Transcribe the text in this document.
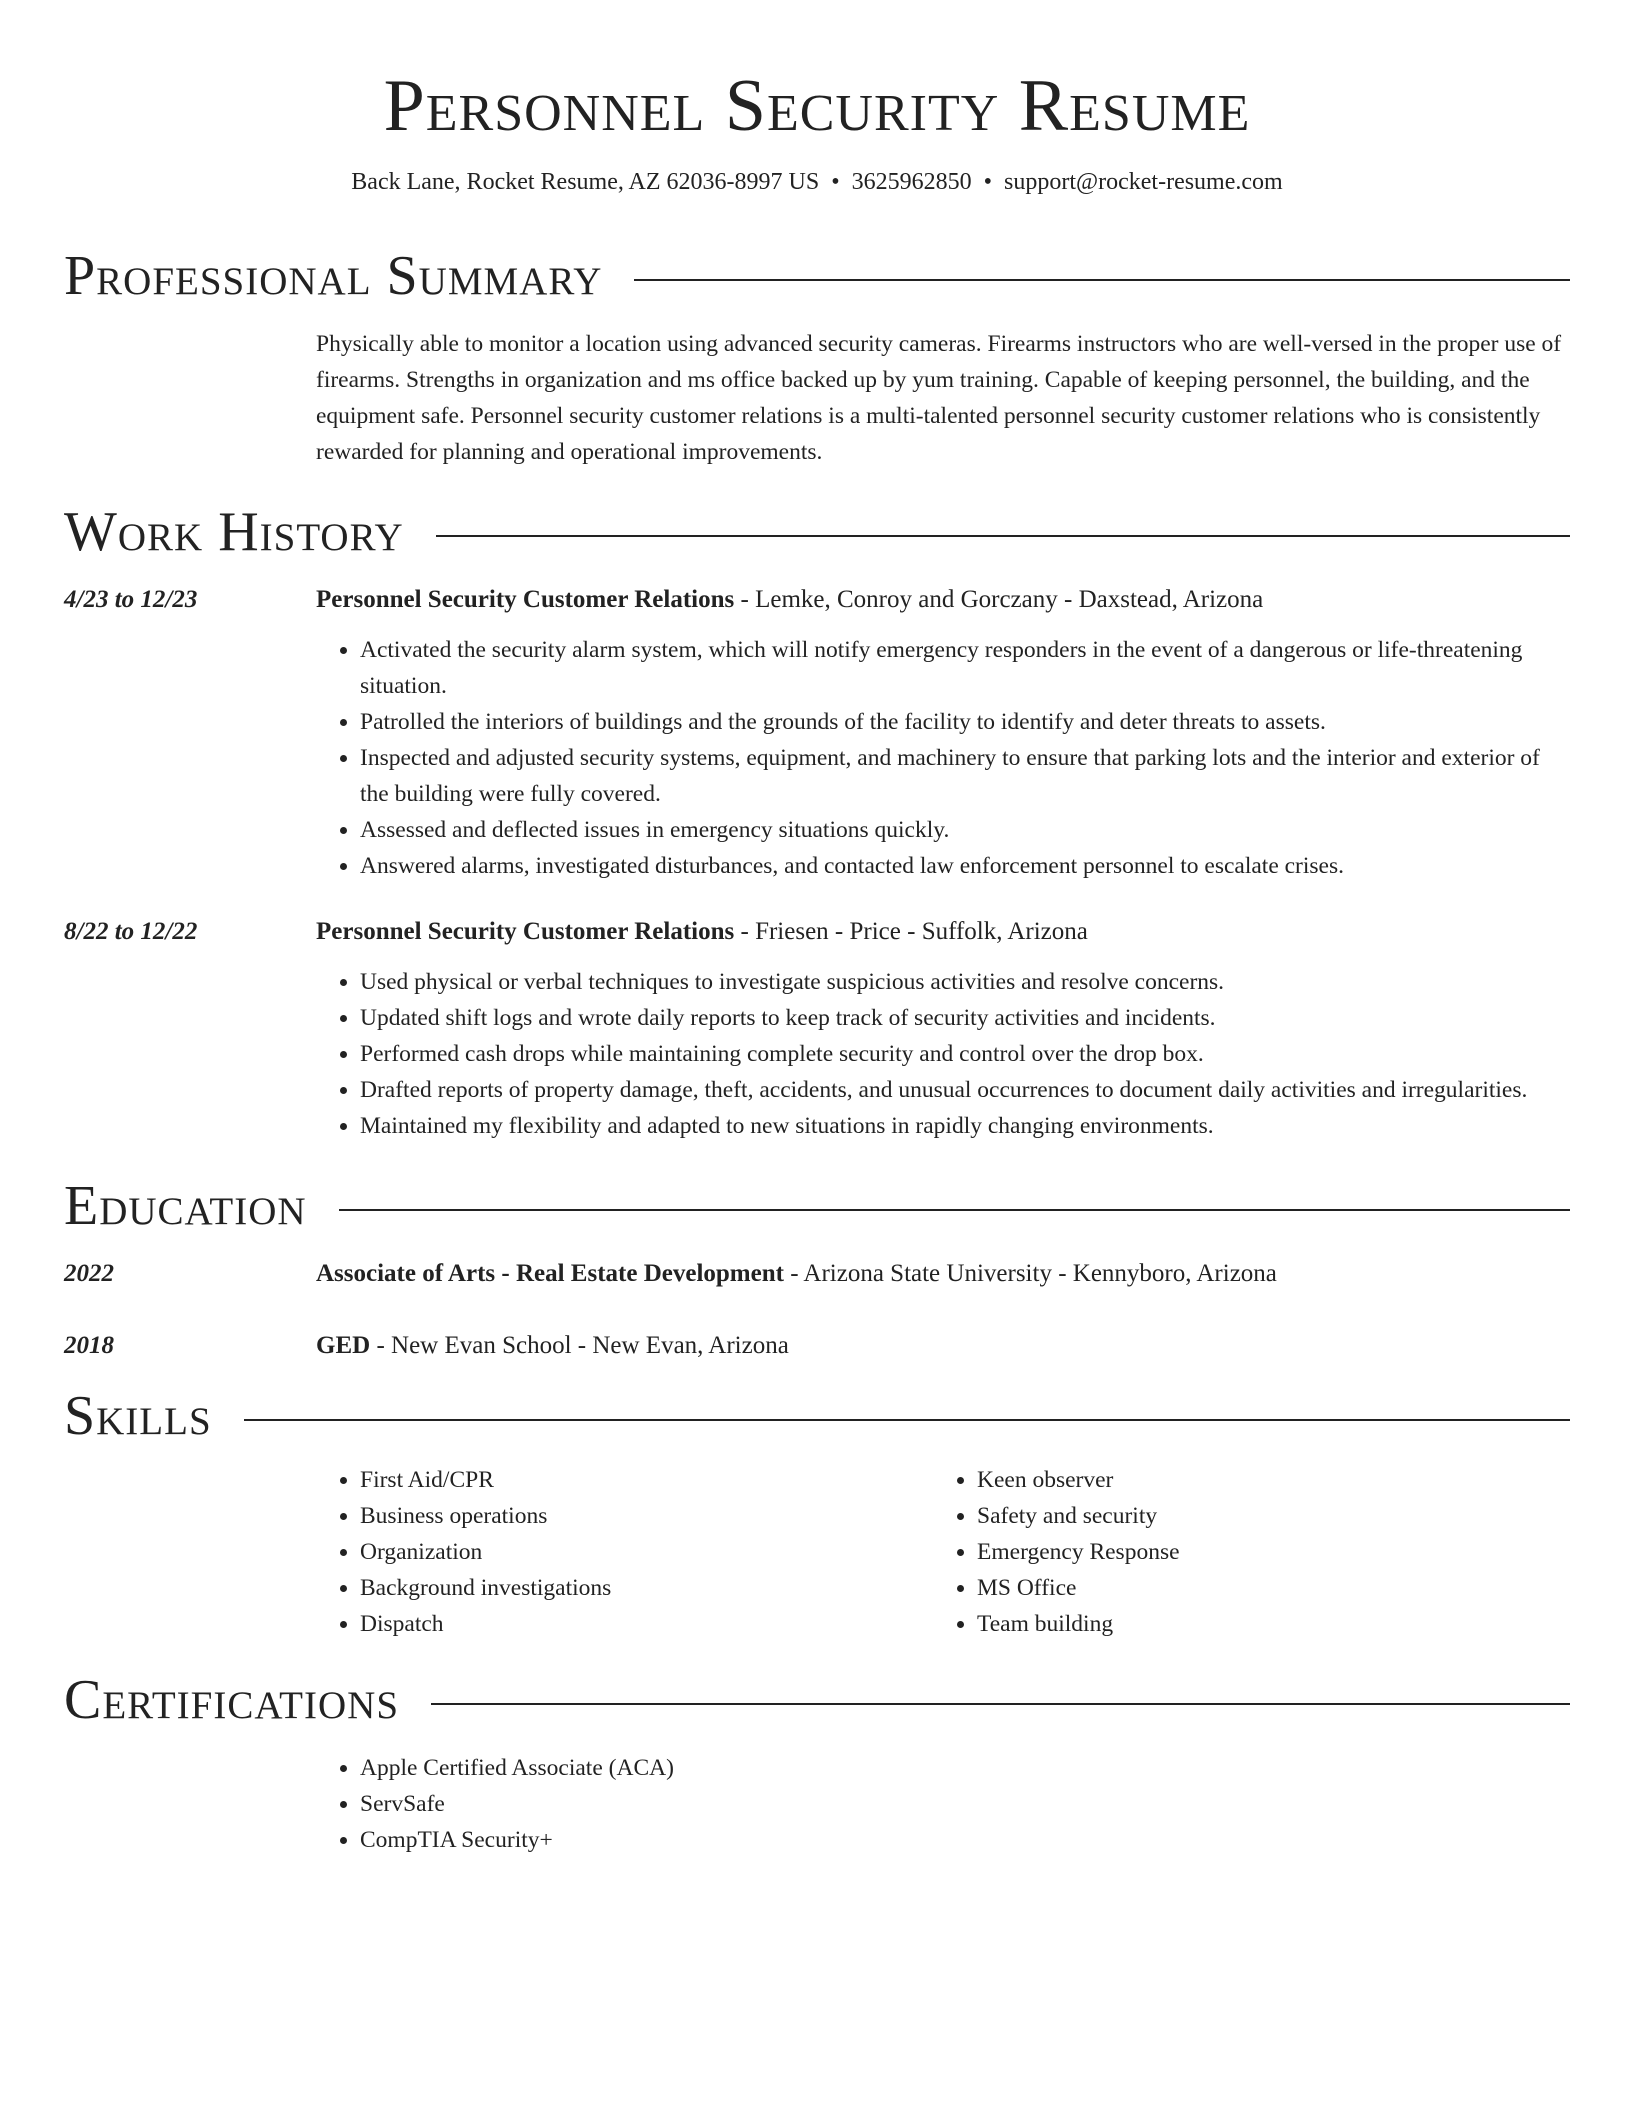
Personnel Security Resume
Back Lane, Rocket Resume, AZ 62036-8997 US • 3625962850 • support@rocket-resume.com
Professional Summary
Physically able to monitor a location using advanced security cameras. Firearms instructors who are well-versed in the proper use of firearms. Strengths in organization and ms office backed up by yum training. Capable of keeping personnel, the building, and the equipment safe. Personnel security customer relations is a multi-talented personnel security customer relations who is consistently rewarded for planning and operational improvements.
Work History
4/23 to 12/23	Personnel Security Customer Relations - Lemke, Conroy and Gorczany - Daxstead, Arizona
• Activated the security alarm system, which will notify emergency responders in the event of a dangerous or life-threatening situation.
• Patrolled the interiors of buildings and the grounds of the facility to identify and deter threats to assets.
• Inspected and adjusted security systems, equipment, and machinery to ensure that parking lots and the interior and exterior of the building were fully covered.
• Assessed and deflected issues in emergency situations quickly.
• Answered alarms, investigated disturbances, and contacted law enforcement personnel to escalate crises.
8/22 to 12/22	Personnel Security Customer Relations - Friesen - Price - Suffolk, Arizona
• Used physical or verbal techniques to investigate suspicious activities and resolve concerns.
• Updated shift logs and wrote daily reports to keep track of security activities and incidents.
• Performed cash drops while maintaining complete security and control over the drop box.
• Drafted reports of property damage, theft, accidents, and unusual occurrences to document daily activities and irregularities.
• Maintained my flexibility and adapted to new situations in rapidly changing environments.
Education
2022	Associate of Arts - Real Estate Development - Arizona State University - Kennyboro, Arizona
2018	GED - New Evan School - New Evan, Arizona
Skills
• First Aid/CPR
• Business operations
• Organization
• Background investigations
• Dispatch
• Keen observer
• Safety and security
• Emergency Response
• MS Office
• Team building
Certifications
• Apple Certified Associate (ACA)
• ServSafe
• CompTIA Security+
